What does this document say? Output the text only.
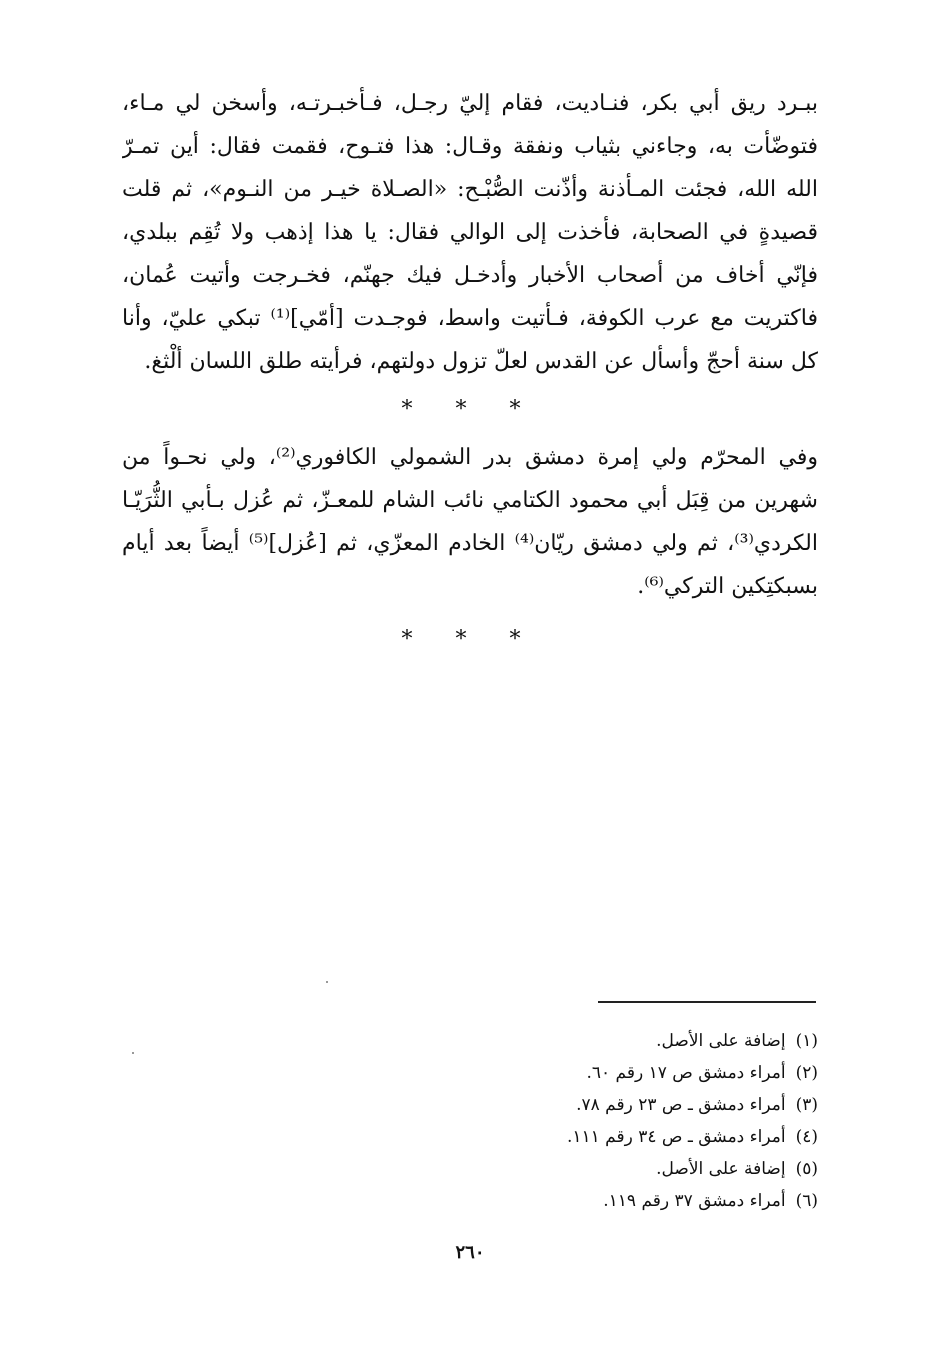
ببـرد ريق أبي بكر، فنـاديت، فقام إليّ رجـل، فـأخبـرتـه، وأسخن لي مـاء،
فتوضّأت به، وجاءني بثياب ونفقة وقـال: هذا فتـوح، فقمت فقال: أين تمـرّ
الله الله، فجئت المـأذنة وأذّنت الصُّبْـح: «الصـلاة خيـر من النـوم»، ثم قلت
قصيدةٍ في الصحابة، فأخذت إلى الوالي فقال: يا هذا إذهب ولا تُقِم ببلدي،
فإنّي أخاف من أصحاب الأخبار وأدخـل فيك جهنّم، فخـرجت وأتيت عُمان،
فاكتريت مع عرب الكوفة، فـأتيت واسط، فوجـدت [أمّي]⁽¹⁾ تبكي عليّ، وأنا
كل سنة أحجّ وأسأل عن القدس لعلّ تزول دولتهم، فرأيته طلق اللسان ألْثغ.
* * *
وفي المحرّم ولي إمرة دمشق بدر الشمولي الكافوري⁽²⁾، ولي نحـواً من
شهرين من قِبَل أبي محمود الكتامي نائب الشام للمعـزّ، ثم عُزل بـأبي الثُّرَيّـا
الكردي⁽³⁾، ثم ولي دمشق ريّان⁽⁴⁾ الخادم المعزّي، ثم [عُزل]⁽⁵⁾ أيضاً بعد أيام
بسبكتِكين التركي⁽⁶⁾.
* * *
(١)إضافة على الأصل.
(٢)أمراء دمشق ص ١٧ رقم ٦٠.
(٣)أمراء دمشق ـ ص ٢٣ رقم ٧٨.
(٤)أمراء دمشق ـ ص ٣٤ رقم ١١١.
(٥)إضافة على الأصل.
(٦)أمراء دمشق ٣٧ رقم ١١٩.
٢٦٠
